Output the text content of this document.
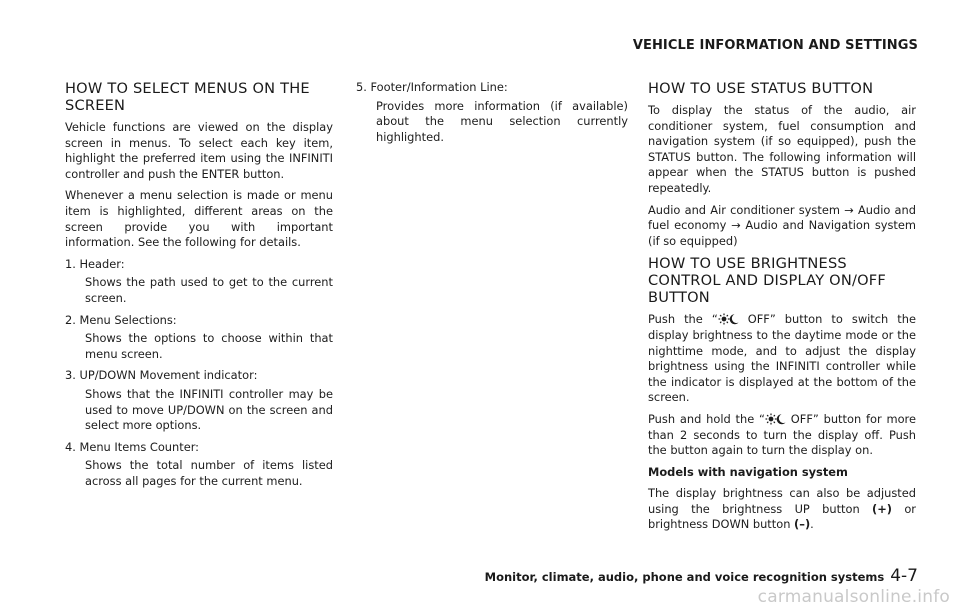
VEHICLE INFORMATION AND SETTINGS
HOW TO SELECT MENUS ON THE SCREEN

Vehicle functions are viewed on the display screen in menus. To select each key item, highlight the preferred item using the INFINITI controller and push the ENTER button.

Whenever a menu selection is made or menu item is highlighted, different areas on the screen provide you with important information. See the following for details.

1. Header:
Shows the path used to get to the current screen.
2. Menu Selections:
Shows the options to choose within that menu screen.
3. UP/DOWN Movement indicator:
Shows that the INFINITI controller may be used to move UP/DOWN on the screen and select more options.
4. Menu Items Counter:
Shows the total number of items listed across all pages for the current menu.
5. Footer/Information Line:
Provides more information (if available) about the menu selection currently highlighted.
HOW TO USE STATUS BUTTON

To display the status of the audio, air conditioner system, fuel consumption and navigation system (if so equipped), push the STATUS button. The following information will appear when the STATUS button is pushed repeatedly.

Audio and Air conditioner system → Audio and fuel economy → Audio and Navigation system (if so equipped)

HOW TO USE BRIGHTNESS CONTROL AND DISPLAY ON/OFF BUTTON

Push the “ OFF” button to switch the display brightness to the daytime mode or the nighttime mode, and to adjust the display brightness using the INFINITI controller while the indicator is displayed at the bottom of the screen.

Push and hold the “ OFF” button for more than 2 seconds to turn the display off. Push the button again to turn the display on.

Models with navigation system

The display brightness can also be adjusted using the brightness UP button (+) or brightness DOWN button (–).

Monitor, climate, audio, phone and voice recognition systems 4-7
carmanualsonline.info
